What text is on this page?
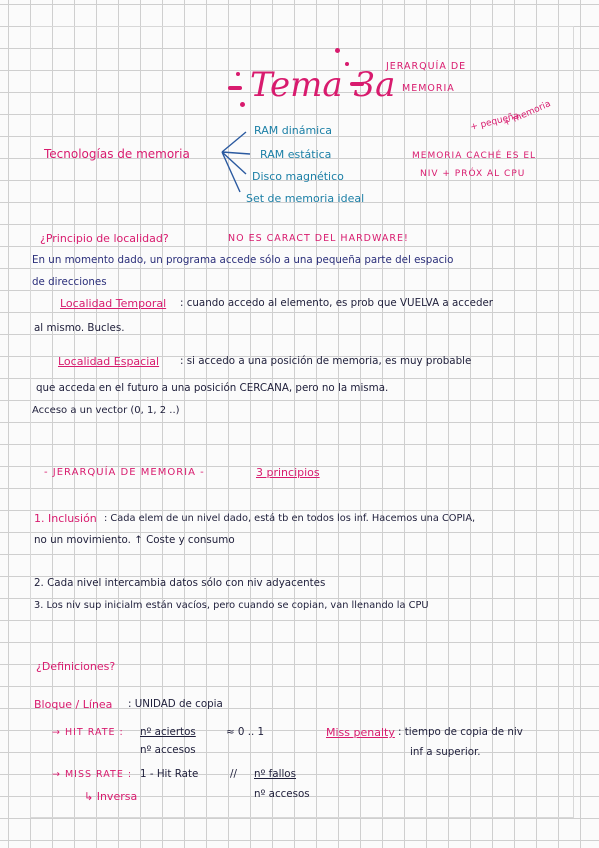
Tema 3a
JERARQUÍA DE
MEMORIA
Tecnologías de memoria
RAM dinámica
RAM estática
Disco magnético
Set de memoria ideal
+ pequeña
+ memoria
MEMORIA CACHÉ ES EL
NIV + PRÓX AL CPU
¿Principio de localidad?	NO ES CARACT DEL HARDWARE!
En un momento dado, un programa accede sólo a una pequeña parte del espacio
de direcciones
Localidad Temporal : cuando accedo al elemento, es prob que VUELVA a acceder
al mismo. Bucles.
Localidad Espacial : si accedo a una posición de memoria, es muy probable
que acceda en el futuro a una posición CERCANA, pero no la misma.
Acceso a un vector (0, 1, 2 ..)
- JERARQUÍA DE MEMORIA -	3 principios
1. Inclusión : Cada elem de un nivel dado, está tb en todos los inf. Hacemos una COPIA,
no un movimiento. ↑ Coste y consumo
2. Cada nivel intercambia datos sólo con niv adyacentes
3. Los niv sup inicialm están vacíos, pero cuando se copian, van llenando la CPU
¿Definiciones?
Bloque / Línea : UNIDAD de copia
→ HIT RATE : nº aciertos
nº accesos
≈ 0 .. 1	Miss penalty : tiempo de copia de niv
inf a superior.
→ MISS RATE : 1 - Hit Rate	// nº fallos
nº accesos
↳ Inversa
